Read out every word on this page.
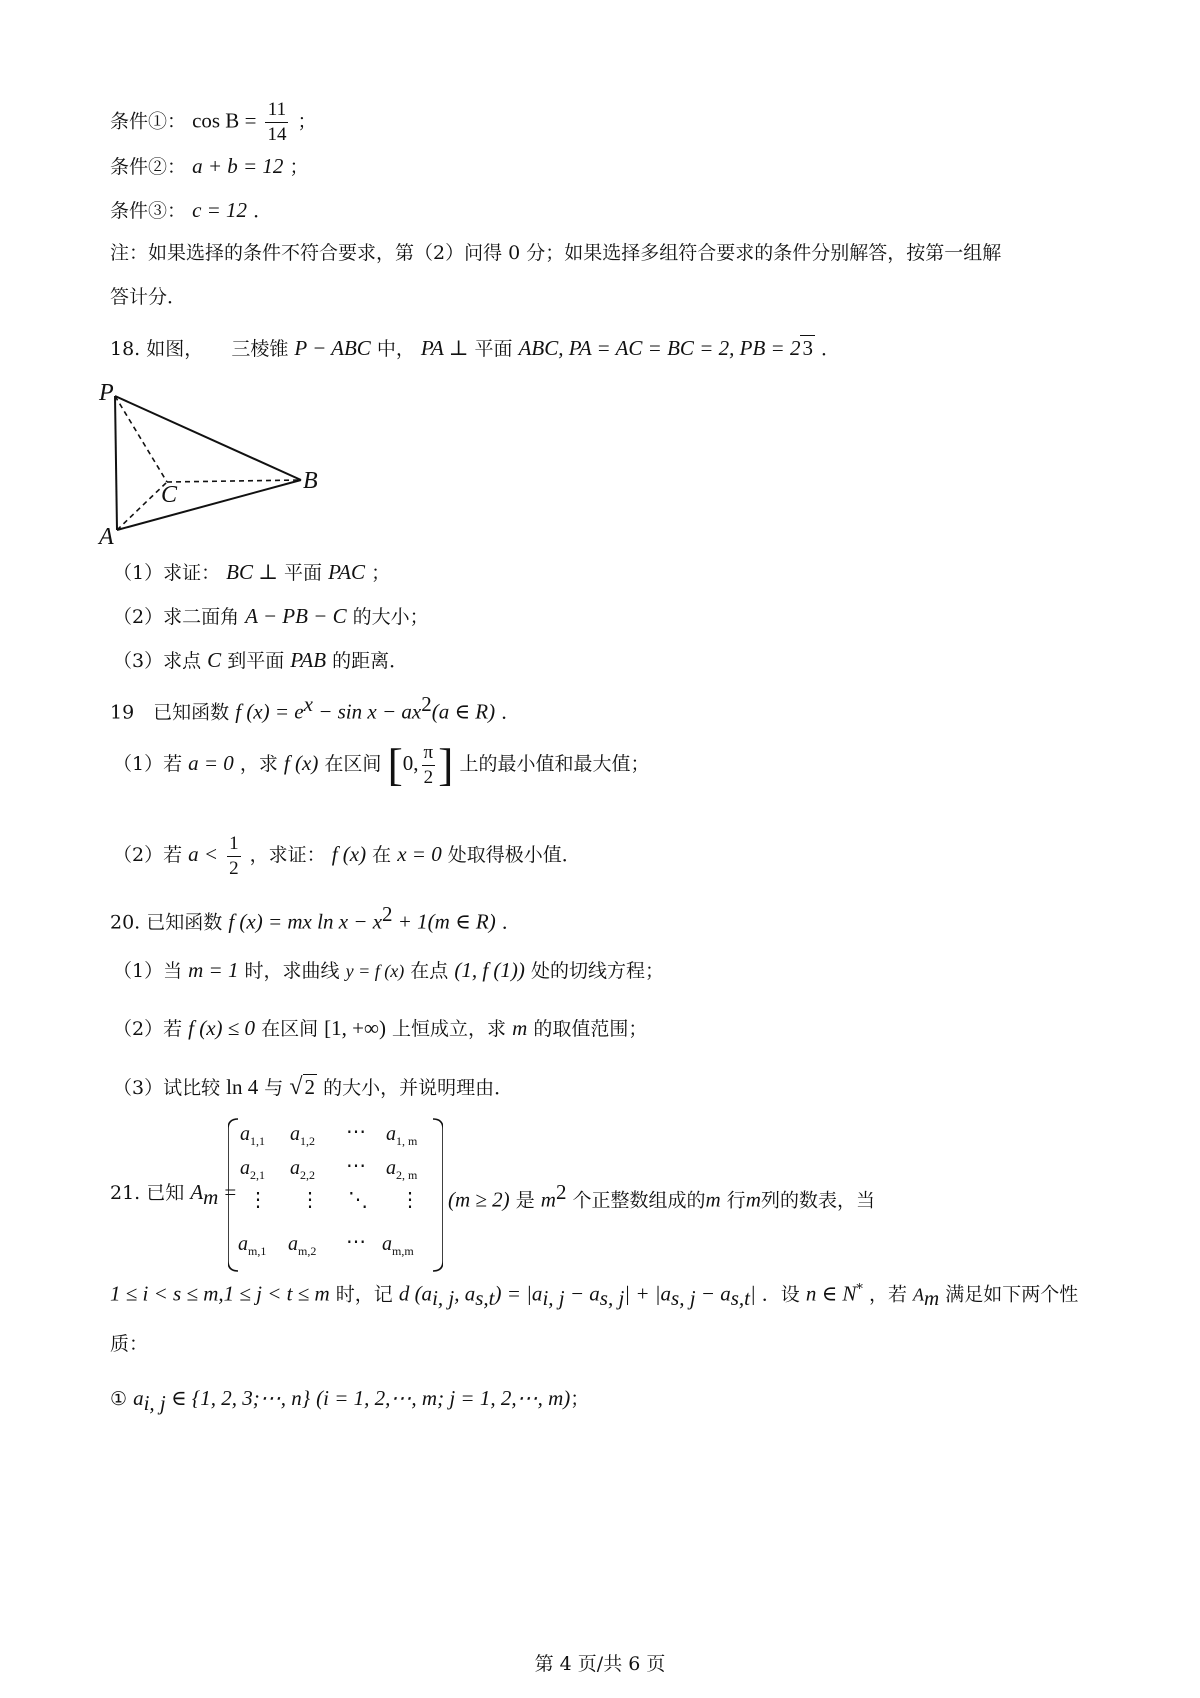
条件①： $\cos B = \frac{11}{14}$ ；
条件②： a + b = 12 ；
条件③： c = 12 ．
注：如果选择的条件不符合要求，第（2）问得 0 分；如果选择多组符合要求的条件分别解答，按第一组解
答计分．
18. 如图， 三棱锥 P − ABC 中， PA ⊥ 平面 ABC, PA = AC = BC = 2, PB = 23 ．
P
A
B
C
（1）求证： BC ⊥ 平面 PAC ；
（2）求二面角 A − PB − C 的大小；
（3）求点 C 到平面 PAB 的距离．
19　已知函数 f $(x) = e^x - \sin x - ax^2(a$ ∈ R) ．
（1）若 a = 0 ，求 f (x) 在区间 [0, $\frac{\pi}{2}$ ] 上的最小值和最大值；
（2）若 $a < \frac{1}{2}$ ，求证： f (x) 在 x = 0 处取得极小值．
20. 已知函数 f (x) = mx $\ln x - x^2 + 1(m$ ∈ R) ．
（1）当 m = 1 时，求曲线 y = f (x) 在点 (1, f (1)) 处的切线方程；
（2）若 f (x) ≤ 0 在区间 [1, +∞) 上恒成立，求 m 的取值范围；
（3）试比较 ln 4 与 √2 的大小，并说明理由．
21. 已知 $A_m$ =
$a_{1,1}$ $a_{1,2}$ ⋯ $a_{1, m}$
$a_{2,1}$ $a_{2,2}$ ⋯ $a_{2, m}$
⋮ ⋮ ⋱ ⋮
$a_{m,1}$ $a_{m,2}$ ⋯ $a_{m,m}$
(m ≥ 2) 是 $m^2$ 个正整数组成的m 行m列的数表，当
1 ≤ i < s ≤ m,1 ≤ j < t ≤ m 时，记 d ($a_{i, j}$, $a_{s,t}) = |a_{i, j} - a_{s, j}| + |a_{s, j} - a_{s,t}|$ ．设 n ∈ N* ，若 $A_m$ 满足如下两个性
质：
① $a_{i, j}$ ∈ {1, 2, 3;⋯, n} (i = 1, 2,⋯, m; j = 1, 2,⋯, m)；
第 4 页/共 6 页
